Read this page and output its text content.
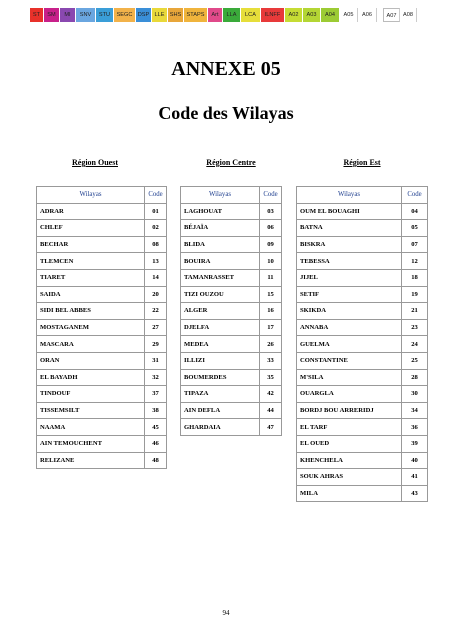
ST	SM	MI	SNV	STU	SEGC DSP LLE SHS STAPS	Art	LLA	LCA	ILNFF	A02	A03	A04	A05	A06	A07	A08
ANNEXE 05
Code des Wilayas
Région Ouest	Région Centre	Région Est
Wilayas	Code
ADRAR	01
CHLEF	02
BECHAR	08
TLEMCEN	13
TIARET	14
SAIDA	20
SIDI BEL ABBES	22
MOSTAGANEM	27
MASCARA	29
ORAN	31
EL BAYADH	32
TINDOUF	37
TISSEMSILT	38
NAAMA	45
AIN TEMOUCHENT	46
RELIZANE	48
Wilayas	Code
LAGHOUAT	03
BÉJAÏA	06
BLIDA	09
BOUIRA	10
TAMANRASSET	11
TIZI OUZOU	15
ALGER	16
DJELFA	17
MEDEA	26
ILLIZI	33
BOUMERDES	35
TIPAZA	42
AIN DEFLA	44
GHARDAIA	47
Wilayas	Code
OUM EL BOUAGHI	04
BATNA	05
BISKRA	07
TEBESSA	12
JIJEL	18
SETIF	19
SKIKDA	21
ANNABA	23
GUELMA	24
CONSTANTINE	25
M'SILA	28
OUARGLA	30
BORDJ BOU ARRERIDJ	34
EL TARF	36
EL OUED	39
KHENCHELA	40
SOUK AHRAS	41
MILA	43
94
